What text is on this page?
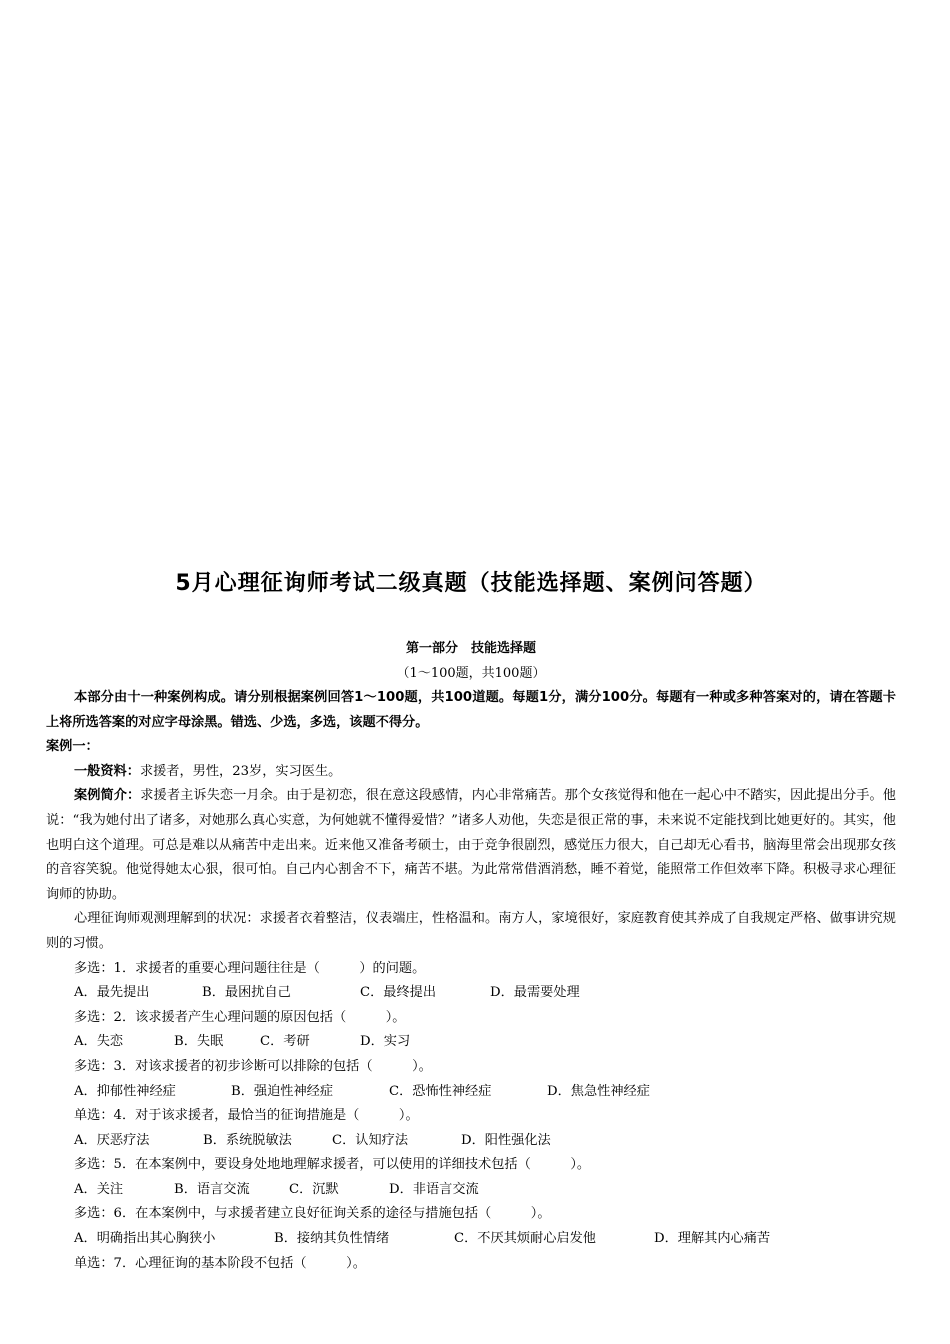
5月心理征询师考试二级真题（技能选择题、案例问答题）
第一部分　技能选择题
（1～100题，共100题）

本部分由十一种案例构成。请分别根据案例回答1～100题，共100道题。每题1分，满分100分。每题有一种或多种答案对的，请在答题卡上将所选答案的对应字母涂黑。错选、少选，多选，该题不得分。

案例一：

一般资料：求援者，男性，23岁，实习医生。

案例简介：求援者主诉失恋一月余。由于是初恋，很在意这段感情，内心非常痛苦。那个女孩觉得和他在一起心中不踏实，因此提出分手。他说：“我为她付出了诸多，对她那么真心实意，为何她就不懂得爱惜？”诸多人劝他，失恋是很正常的事，未来说不定能找到比她更好的。其实，他也明白这个道理。可总是难以从痛苦中走出来。近来他又准备考硕士，由于竞争很剧烈，感觉压力很大，自己却无心看书，脑海里常会出现那女孩的音容笑貌。他觉得她太心狠，很可怕。自己内心割舍不下，痛苦不堪。为此常常借酒消愁，睡不着觉，能照常工作但效率下降。积极寻求心理征询师的协助。

心理征询师观测理解到的状况：求援者衣着整洁，仪表端庄，性格温和。南方人，家境很好，家庭教育使其养成了自我规定严格、做事讲究规则的习惯。

多选：1．求援者的重要心理问题往往是（　　　）的问题。

A．最先提出	B．最困扰自己	C．最终提出	D．最需要处理

多选：2．该求援者产生心理问题的原因包括（　　　）。

A．失恋	B．失眠	C．考研	D．实习

多选：3．对该求援者的初步诊断可以排除的包括（　　　）。

A．抑郁性神经症	B．强迫性神经症	C．恐怖性神经症	D．焦急性神经症

单选：4．对于该求援者，最恰当的征询措施是（　　　）。

A．厌恶疗法	B．系统脱敏法	C．认知疗法	D．阳性强化法

多选：5．在本案例中，要设身处地地理解求援者，可以使用的详细技术包括（　　　）。

A．关注	B．语言交流	C．沉默	D．非语言交流

多选：6．在本案例中，与求援者建立良好征询关系的途径与措施包括（　　　）。

A．明确指出其心胸狭小	B．接纳其负性情绪	C．不厌其烦耐心启发他	D．理解其内心痛苦

单选：7．心理征询的基本阶段不包括（　　　）。
